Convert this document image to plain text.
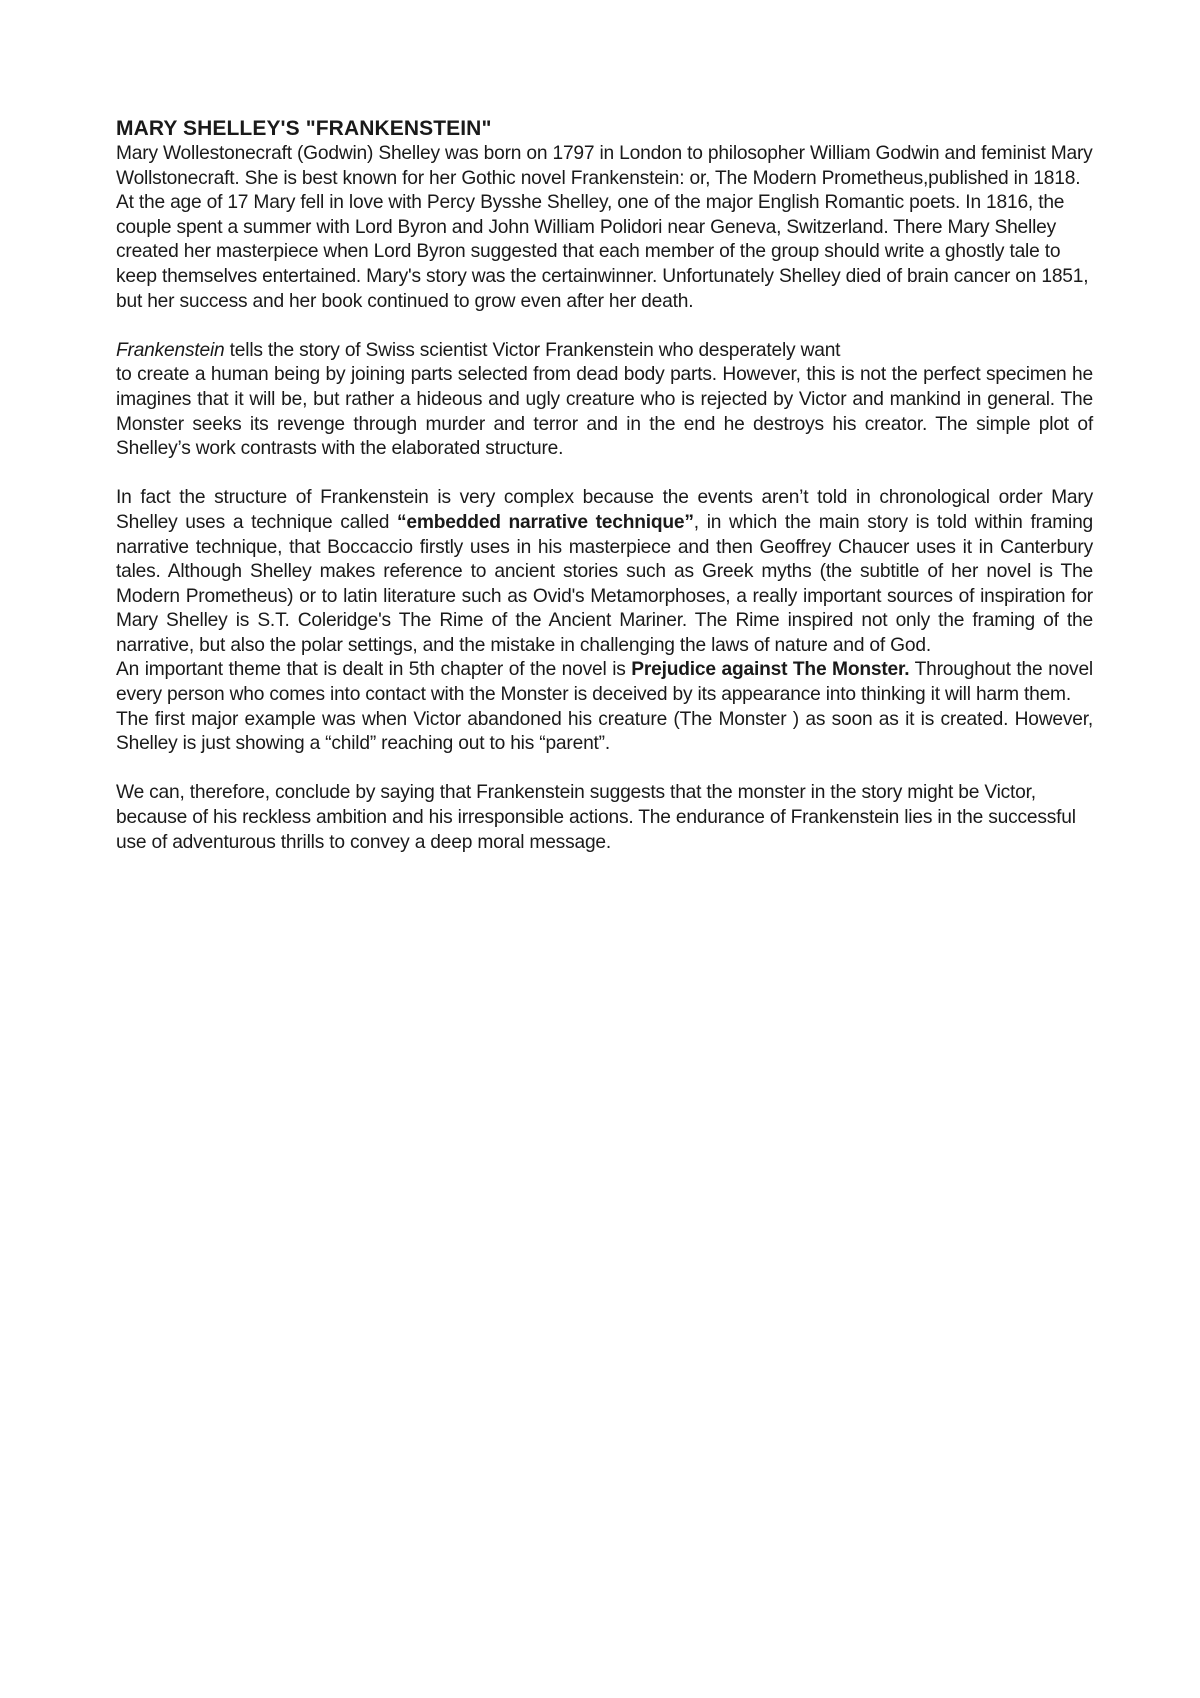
MARY SHELLEY'S "FRANKENSTEIN"

Mary Wollestonecraft (Godwin) Shelley was born on 1797 in London to philosopher William Godwin and feminist Mary Wollstonecraft. She is best known for her Gothic novel Frankenstein: or, The Modern Prometheus,published in 1818. At the age of 17 Mary fell in love with Percy Bysshe Shelley, one of the major English Romantic poets. In 1816, the couple spent a summer with Lord Byron and John William Polidori near Geneva, Switzerland. There Mary Shelley created her masterpiece when Lord Byron suggested that each member of the group should write a ghostly tale to keep themselves entertained. Mary's story was the certainwinner. Unfortunately Shelley died of brain cancer on 1851, but her success and her book continued to grow even after her death.

Frankenstein tells the story of Swiss scientist Victor Frankenstein who desperately want
to create a human being by joining parts selected from dead body parts. However, this is not the perfect specimen he imagines that it will be, but rather a hideous and ugly creature who is rejected by Victor and mankind in general. The Monster seeks its revenge through murder and terror and in the end he destroys his creator. The simple plot of Shelley’s work contrasts with the elaborated structure.

In fact the structure of Frankenstein is very complex because the events aren’t told in chronological order Mary Shelley uses a technique called “embedded narrative technique”, in which the main story is told within framing narrative technique, that Boccaccio firstly uses in his masterpiece and then Geoffrey Chaucer uses it in Canterbury tales. Although Shelley makes reference to ancient stories such as Greek myths (the subtitle of her novel is The Modern Prometheus) or to latin literature such as Ovid's Metamorphoses, a really important sources of inspiration for Mary Shelley is S.T. Coleridge's The Rime of the Ancient Mariner. The Rime inspired not only the framing of the narrative, but also the polar settings, and the mistake in challenging the laws of nature and of God.

An important theme that is dealt in 5th chapter of the novel is Prejudice against The Monster. Throughout the novel every person who comes into contact with the Monster is deceived by its appearance into thinking it will harm them.

The first major example was when Victor abandoned his creature (The Monster ) as soon as it is created. However, Shelley is just showing a “child” reaching out to his “parent”.

We can, therefore, conclude by saying that Frankenstein suggests that the monster in the story might be Victor, because of his reckless ambition and his irresponsible actions. The endurance of Frankenstein lies in the successful use of adventurous thrills to convey a deep moral message.
